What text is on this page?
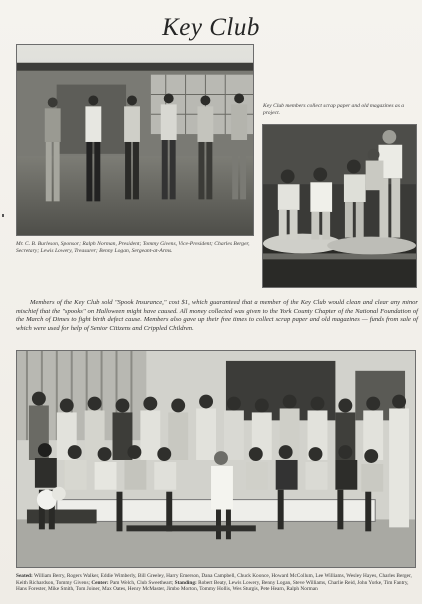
Key Club
Mr. C. B. Burleson, Sponsor; Ralph Norman, President; Tommy Givens, Vice-President; Charles Berger, Secretary; Lewis Lowery, Treasurer; Benny Logan, Sergeant-at-Arms.
Key Club members collect scrap paper and old magazines as a project.
Members of the Key Club sold "Spook Insurance," cost $1, which guaranteed that a member of the Key Club would clean and clear any minor mischief that the "spooks" on Halloween might have caused. All money collected was given to the York County Chapter of the National Foundation of the March of Dimes to fight birth defect cause. Members also gave up their free times to collect scrap paper and old magazines — funds from sale of which were used for help of Senior Citizens and Crippled Children.
Seated: William Berry, Rogers Walker, Eddie Wimberly, Bill Greeley, Harry Emerson, Dana Campbell, Chuck Koonce, Howard McCollum, Lee Williams, Wesley Hayes, Charles Berger, Keith Richardson, Tommy Givens; Center: Pam Welch, Club Sweetheart; Standing: Robert Beaty, Lewis Lowery, Benny Logan, Steve Williams, Charlie Reid, John Yorke, Tim Fantry, Hans Forester, Mike Smith, Tom Joiner, Max Oates, Henry McMaster, Jimbo Morton, Tommy Hollis, Wes Sturgis, Pete Hearn, Ralph Norman
